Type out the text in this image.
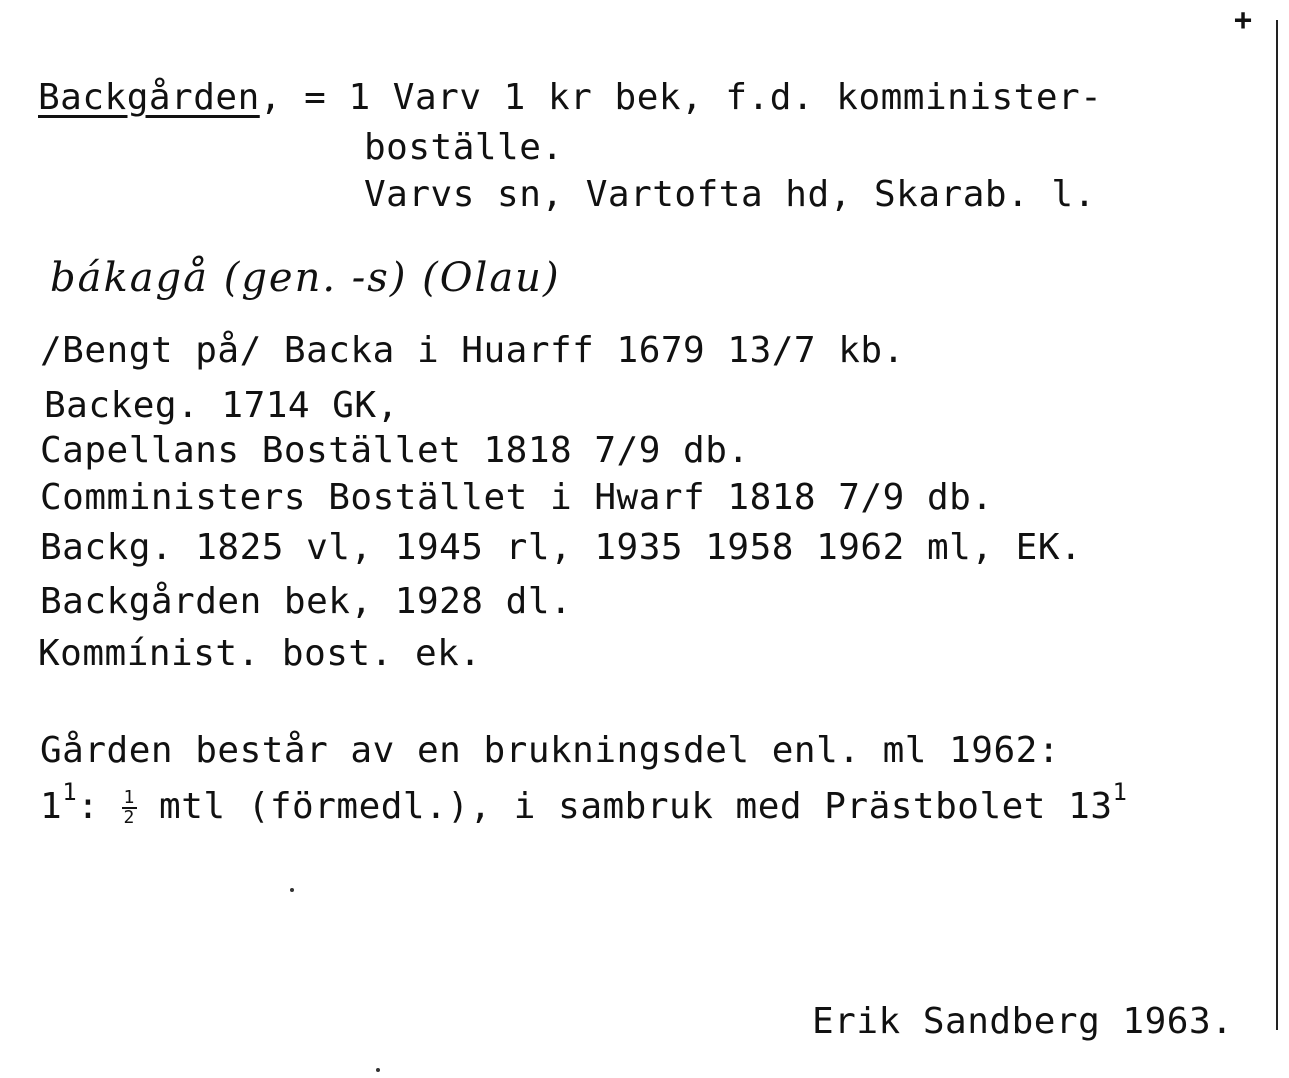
+
Backgården, = 1 Varv 1 kr bek, f.d. komminister-
boställe.
Varvs sn, Vartofta hd, Skarab. l.
bákagå (gen. -s) (Olau)
/Bengt på/ Backa i Huarff 1679 13/7 kb.
Backeg. 1714 GK,
Capellans Bostället 1818 7/9 db.
Comministers Bostället i Hwarf 1818 7/9 db.
Backg. 1825 vl, 1945 rl, 1935 1958 1962 ml, EK.
Backgården bek, 1928 dl.
Kommínist. bost. ek.
Gården består av en brukningsdel enl. ml 1962:
$1^1$: $\frac{1}{2}$ mtl (förmedl.), i sambruk med Prästbolet $13^1$
Erik Sandberg 1963.
